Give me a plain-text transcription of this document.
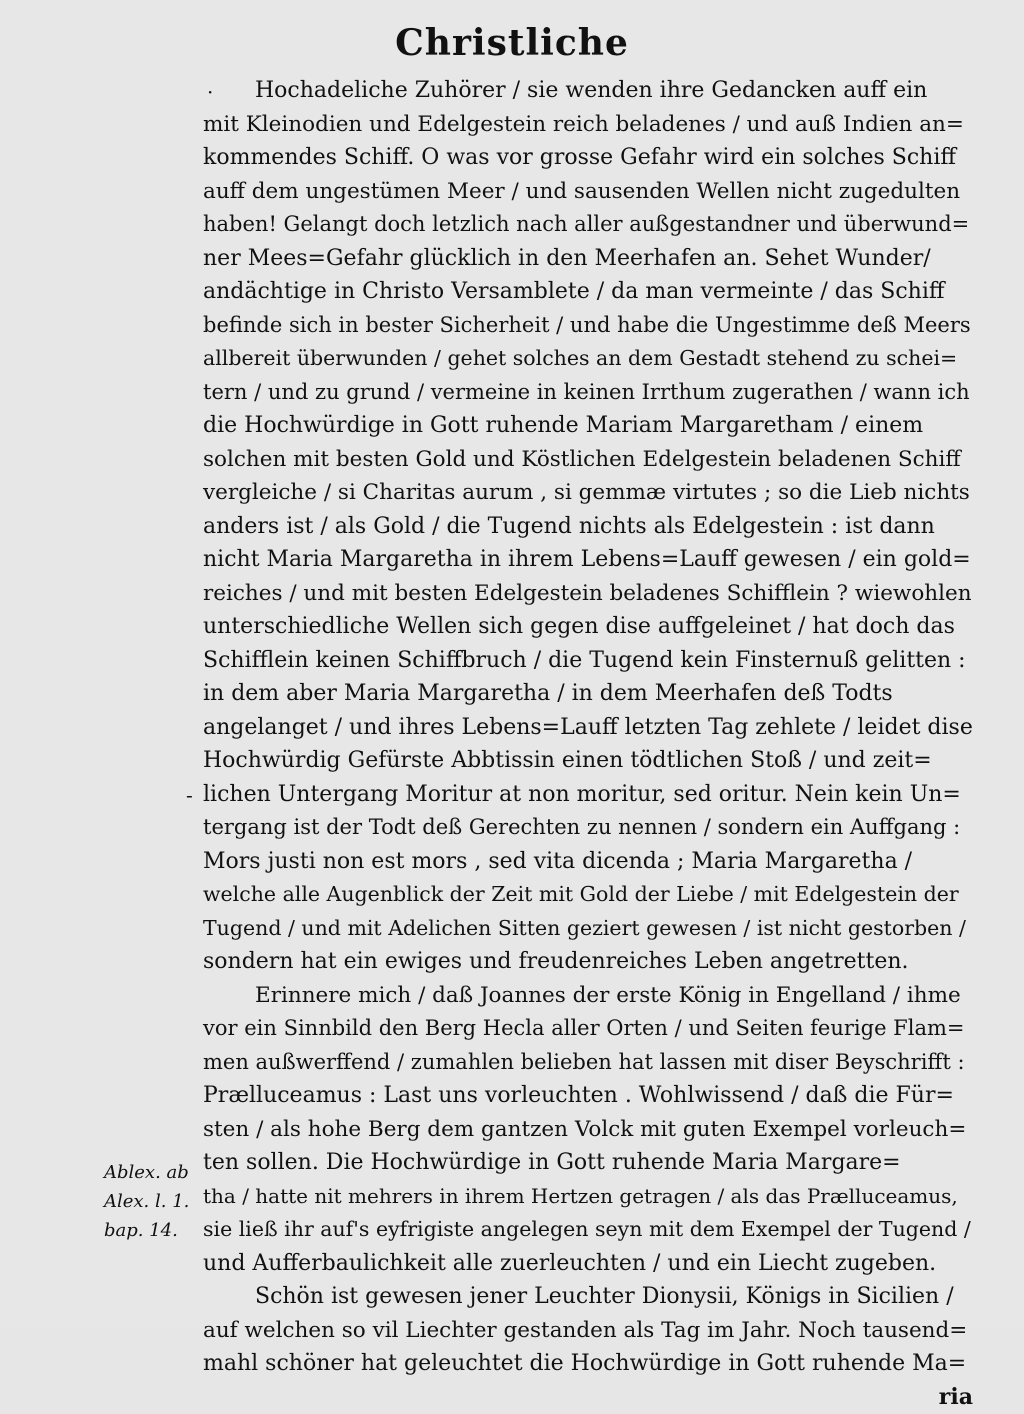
Christliche
·
-
Hochadeliche Zuhörer / sie wenden ihre Gedancken auff ein
mit Kleinodien und Edelgestein reich beladenes / und auß Indien an=
kommendes Schiff. O was vor grosse Gefahr wird ein solches Schiff
auff dem ungestümen Meer / und sausenden Wellen nicht zugedulten
haben! Gelangt doch letzlich nach aller außgestandner und überwund=
ner Mees=Gefahr glücklich in den Meerhafen an. Sehet Wunder/
andächtige in Christo Versamblete / da man vermeinte / das Schiff
befinde sich in bester Sicherheit / und habe die Ungestimme deß Meers
allbereit überwunden / gehet solches an dem Gestadt stehend zu schei=
tern / und zu grund / vermeine in keinen Irrthum zugerathen / wann ich
die Hochwürdige in Gott ruhende Mariam Margaretham / einem
solchen mit besten Gold und Köstlichen Edelgestein beladenen Schiff
vergleiche / si Charitas aurum , si gemmæ virtutes ; so die Lieb nichts
anders ist / als Gold / die Tugend nichts als Edelgestein : ist dann
nicht Maria Margaretha in ihrem Lebens=Lauff gewesen / ein gold=
reiches / und mit besten Edelgestein beladenes Schifflein ? wiewohlen
unterschiedliche Wellen sich gegen dise auffgeleinet / hat doch das
Schifflein keinen Schiffbruch / die Tugend kein Finsternuß gelitten :
in dem aber Maria Margaretha / in dem Meerhafen deß Todts
angelanget / und ihres Lebens=Lauff letzten Tag zehlete / leidet dise
Hochwürdig Gefürste Abbtissin einen tödtlichen Stoß / und zeit=
lichen Untergang Moritur at non moritur, sed oritur. Nein kein Un=
tergang ist der Todt deß Gerechten zu nennen / sondern ein Auffgang :
Mors justi non est mors , sed vita dicenda ; Maria Margaretha /
welche alle Augenblick der Zeit mit Gold der Liebe / mit Edelgestein der
Tugend / und mit Adelichen Sitten geziert gewesen / ist nicht gestorben /
sondern hat ein ewiges und freudenreiches Leben angetretten.
Erinnere mich / daß Joannes der erste König in Engelland / ihme
vor ein Sinnbild den Berg Hecla aller Orten / und Seiten feurige Flam=
men außwerffend / zumahlen belieben hat lassen mit diser Beyschrifft :
Prælluceamus : Last uns vorleuchten . Wohlwissend / daß die Für=
sten / als hohe Berg dem gantzen Volck mit guten Exempel vorleuch=
ten sollen. Die Hochwürdige in Gott ruhende Maria Margare=
tha / hatte nit mehrers in ihrem Hertzen getragen / als das Prælluceamus,
sie ließ ihr auf's eyfrigiste angelegen seyn mit dem Exempel der Tugend /
und Aufferbaulichkeit alle zuerleuchten / und ein Liecht zugeben.
Schön ist gewesen jener Leuchter Dionysii, Königs in Sicilien /
auf welchen so vil Liechter gestanden als Tag im Jahr. Noch tausend=
mahl schöner hat geleuchtet die Hochwürdige in Gott ruhende Ma=
ria
Ablex. ab
Alex. l. 1.
bap. 14.
